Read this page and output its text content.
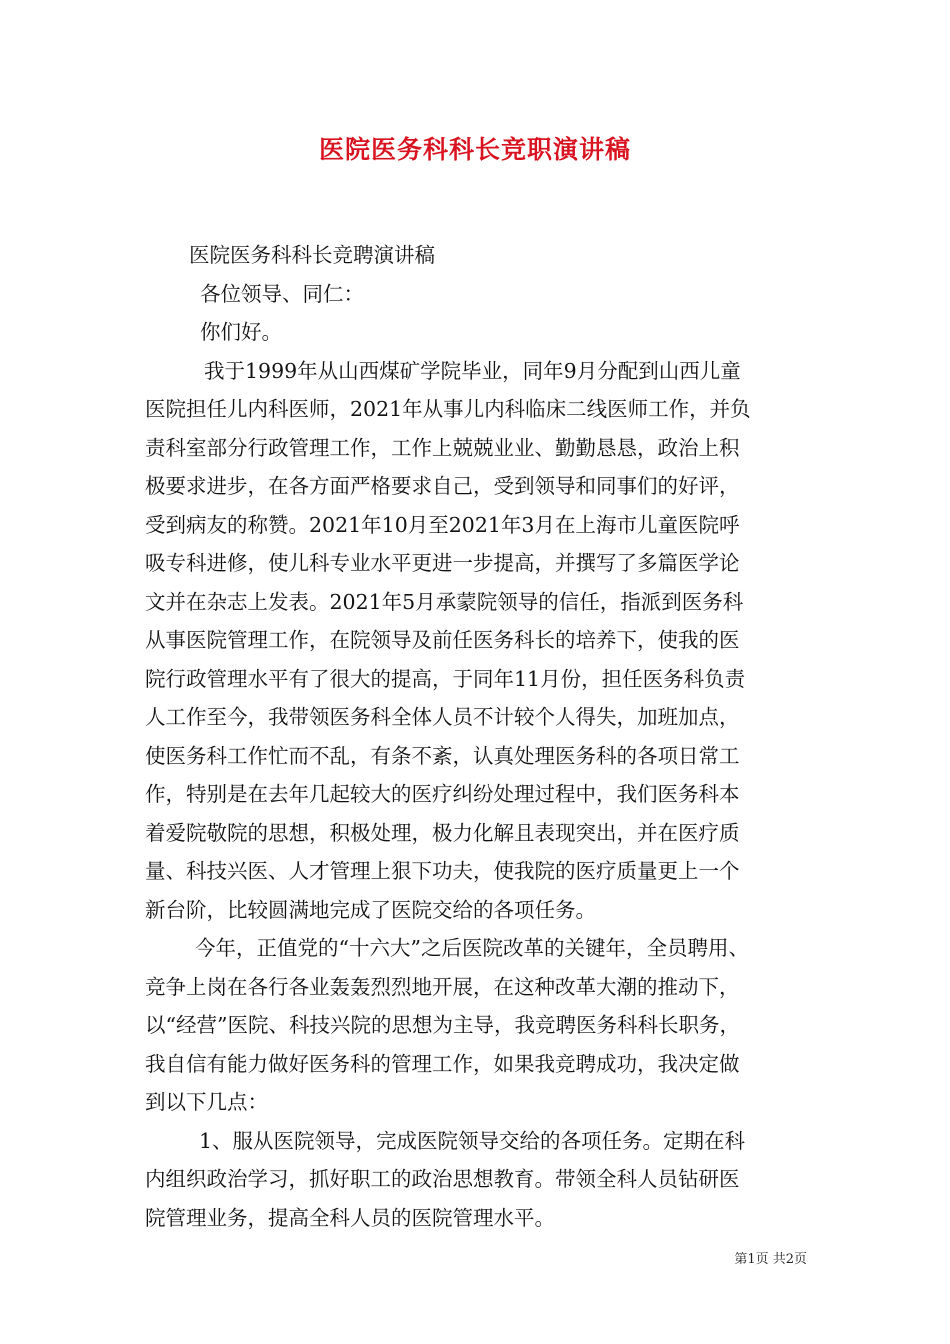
医院医务科科长竞职演讲稿

医院医务科科长竞聘演讲稿

各位领导、同仁：

你们好。

我于1999年从山西煤矿学院毕业，同年9月分配到山西儿童
医院担任儿内科医师，2021年从事儿内科临床二线医师工作，并负
责科室部分行政管理工作，工作上兢兢业业、勤勤恳恳，政治上积
极要求进步，在各方面严格要求自己，受到领导和同事们的好评，
受到病友的称赞。2021年10月至2021年3月在上海市儿童医院呼
吸专科进修，使儿科专业水平更进一步提高，并撰写了多篇医学论
文并在杂志上发表。2021年5月承蒙院领导的信任，指派到医务科
从事医院管理工作，在院领导及前任医务科长的培养下，使我的医
院行政管理水平有了很大的提高，于同年11月份，担任医务科负责
人工作至今，我带领医务科全体人员不计较个人得失，加班加点，
使医务科工作忙而不乱，有条不紊，认真处理医务科的各项日常工
作，特别是在去年几起较大的医疗纠纷处理过程中，我们医务科本
着爱院敬院的思想，积极处理，极力化解且表现突出，并在医疗质
量、科技兴医、人才管理上狠下功夫，使我院的医疗质量更上一个
新台阶，比较圆满地完成了医院交给的各项任务。

今年，正值党的“十六大”之后医院改革的关键年，全员聘用、
竞争上岗在各行各业轰轰烈烈地开展，在这种改革大潮的推动下，
以“经营”医院、科技兴院的思想为主导，我竞聘医务科科长职务，
我自信有能力做好医务科的管理工作，如果我竞聘成功，我决定做
到以下几点：

1、服从医院领导，完成医院领导交给的各项任务。定期在科
内组织政治学习，抓好职工的政治思想教育。带领全科人员钻研医
院管理业务，提高全科人员的医院管理水平。

第1页 共2页
